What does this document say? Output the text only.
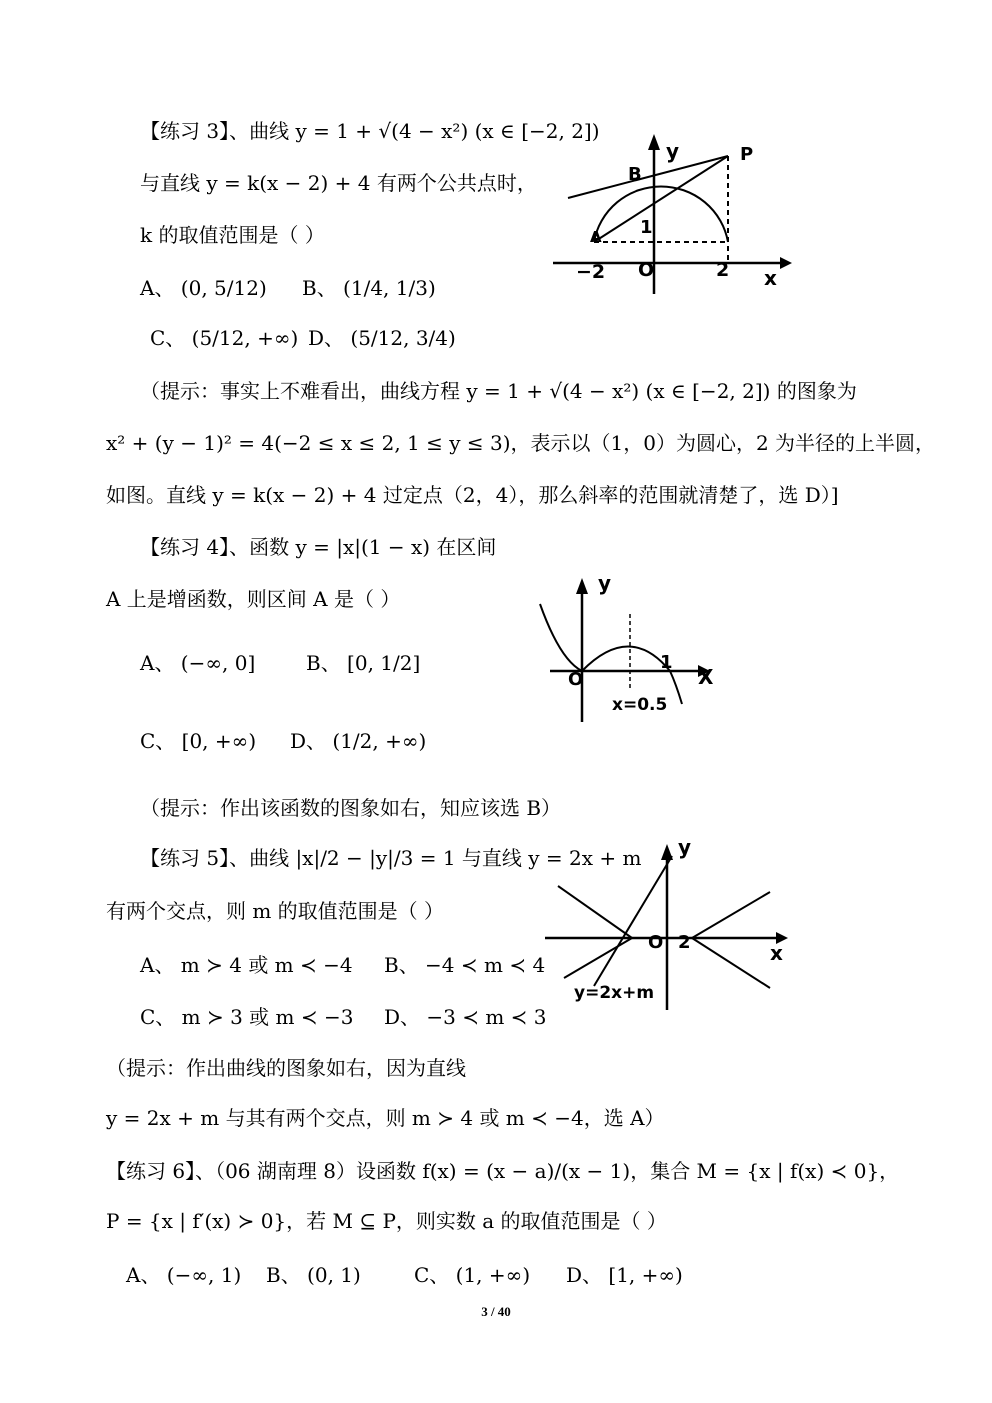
【练习 3】、曲线 y = 1 + √(4 − x²) (x ∈ [−2, 2])
与直线 y = k(x − 2) + 4 有两个公共点时，
k 的取值范围是（ ）
A、 (0, 5/12) B、 (1/4, 1/3)
C、 (5/12, +∞) D、 (5/12, 3/4)
y	P
B
1
A
−2 O	2 x
（提示：事实上不难看出，曲线方程 y = 1 + √(4 − x²) (x ∈ [−2, 2]) 的图象为
x² + (y − 1)² = 4(−2 ≤ x ≤ 2, 1 ≤ y ≤ 3)，表示以（1，0）为圆心，2 为半径的上半圆，
如图。直线 y = k(x − 2) + 4 过定点（2，4），那么斜率的范围就清楚了，选 D）]
【练习 4】、函数 y = |x|(1 − x) 在区间
A 上是增函数，则区间 A 是（ ）
A、 (−∞, 0]	B、 [0, 1/2]
C、 [0, +∞) D、 (1/2, +∞)
y
O
1
X
x=0.5
（提示：作出该函数的图象如右，知应该选 B）
【练习 5】、曲线 |x|/2 − |y|/3 = 1 与直线 y = 2x + m
有两个交点，则 m 的取值范围是（ ）
A、 m ≻ 4 或 m ≺ −4 B、 −4 ≺ m ≺ 4
C、 m ≻ 3 或 m ≺ −3 D、 −3 ≺ m ≺ 3
y
O 2	x
y=2x+m
（提示：作出曲线的图象如右，因为直线
y = 2x + m 与其有两个交点，则 m ≻ 4 或 m ≺ −4，选 A）
【练习 6】、（06 湖南理 8）设函数 f(x) = (x − a)/(x − 1)，集合 M = {x | f(x) ≺ 0}，
P = {x | f′(x) ≻ 0}，若 M ⊆ P，则实数 a 的取值范围是（ ）
A、 (−∞, 1) B、 (0, 1)	C、 (1, +∞) D、 [1, +∞)
3 / 40
